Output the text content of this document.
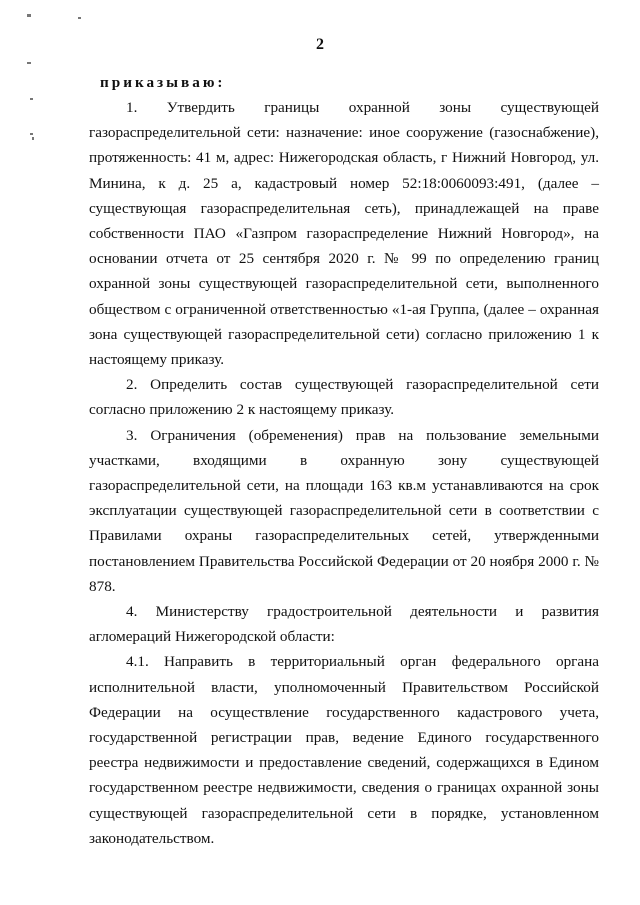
2
приказываю:

1. Утвердить границы охранной зоны существующей газораспределительной сети: назначение: иное сооружение (газоснабжение), протяженность: 41 м, адрес: Нижегородская область, г Нижний Новгород, ул. Минина, к д. 25 а, кадастровый номер 52:18:0060093:491, (далее – существующая газораспределительная сеть), принадлежащей на праве собственности ПАО «Газпром газораспределение Нижний Новгород», на основании отчета от 25 сентября 2020 г. № 99 по определению границ охранной зоны существующей газораспределительной сети, выполненного обществом с ограниченной ответственностью «1-ая Группа, (далее – охранная зона существующей газораспределительной сети) согласно приложению 1 к настоящему приказу.

2. Определить состав существующей газораспределительной сети согласно приложению 2 к настоящему приказу.

3. Ограничения (обременения) прав на пользование земельными участками, входящими в охранную зону существующей газораспределительной сети, на площади 163 кв.м устанавливаются на срок эксплуатации существующей газораспределительной сети в соответствии с Правилами охраны газораспределительных сетей, утвержденными постановлением Правительства Российской Федерации от 20 ноября 2000 г. № 878.

4. Министерству градостроительной деятельности и развития агломераций Нижегородской области:

4.1. Направить в территориальный орган федерального органа исполнительной власти, уполномоченный Правительством Российской Федерации на осуществление государственного кадастрового учета, государственной регистрации прав, ведение Единого государственного реестра недвижимости и предоставление сведений, содержащихся в Едином государственном реестре недвижимости, сведения о границах охранной зоны существующей газораспределительной сети в порядке, установленном законодательством.
